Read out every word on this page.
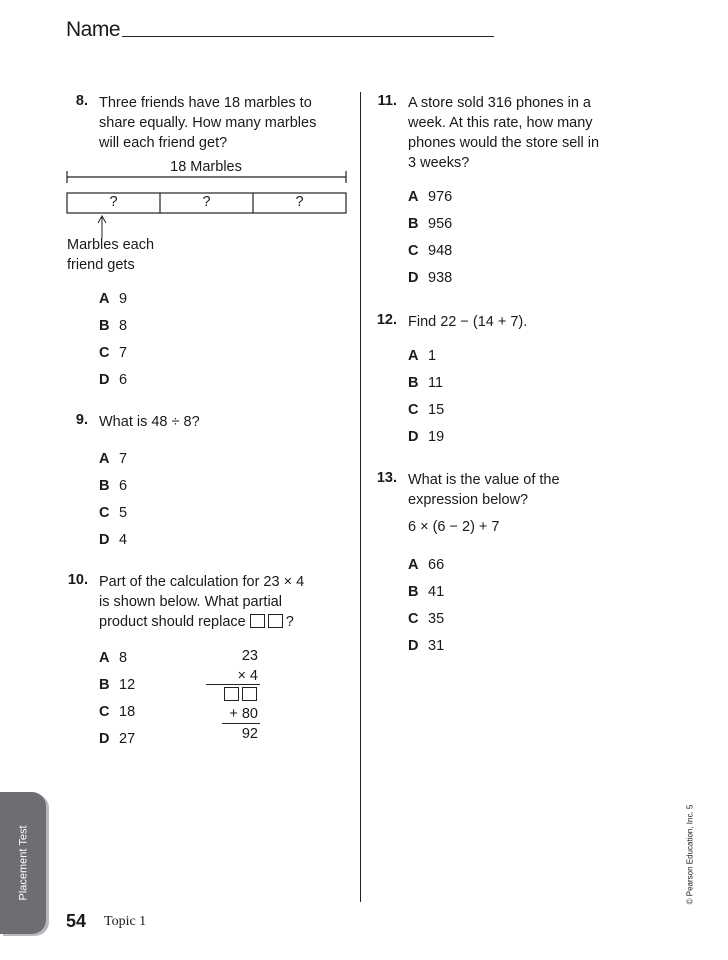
Name
8. Three friends have 18 marbles to
share equally. How many marbles
will each friend get?
18 Marbles
?	?	?
Marbles each
friend gets
A 9
B 8
C 7
D 6
9. What is 48 ÷ 8?
A 7
B 6
C 5
D 4
10. Part of the calculation for 23 × 4
is shown below. What partial
product should replace	?
A 8
B 12
C 18
D 27
23
× 4
+ 80
92
11. A store sold 316 phones in a
week. At this rate, how many
phones would the store sell in
3 weeks?
A 976
B 956
C 948
D 938
12. Find 22 − (14 + 7).
A 1
B 11
C 15
D 19
13. What is the value of the
expression below?
6 × (6 − 2) + 7
A 66
B 41
C 35
D 31
Placement Test
54 Topic 1
© Pearson Education, Inc. 5
